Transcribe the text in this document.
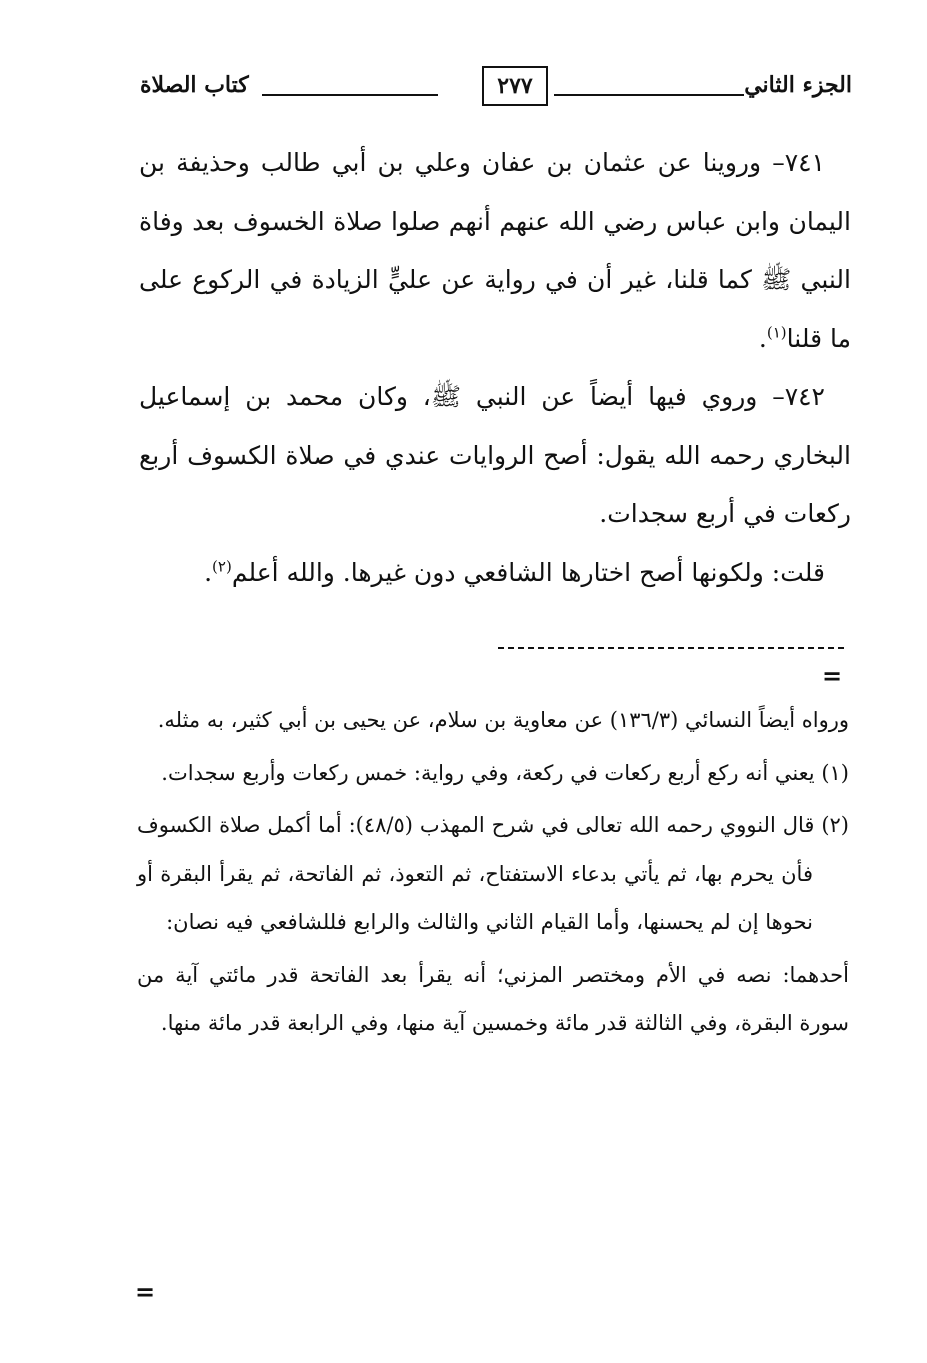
الجزء الثاني
٢٧٧
كتاب الصلاة
٧٤١– وروينا عن عثمان بن عفان وعلي بن أبي طالب وحذيفة بن اليمان وابن عباس رضي الله عنهم أنهم صلوا صلاة الخسوف بعد وفاة النبي ﷺ كما قلنا، غير أن في رواية عن عليٍّ الزيادة في الركوع على ما قلنا$^{(١)}$.
٧٤٢– وروي فيها أيضاً عن النبي ﷺ، وكان محمد بن إسماعيل البخاري رحمه الله يقول: أصح الروايات عندي في صلاة الكسوف أربع ركعات في أربع سجدات.
قلت: ولكونها أصح اختارها الشافعي دون غيرها. والله أعلم$^{(٢)}$.
=
ورواه أيضاً النسائي (١٣٦/٣) عن معاوية بن سلام، عن يحيى بن أبي كثير، به مثله.
(١) يعني أنه ركع أربع ركعات في ركعة، وفي رواية: خمس ركعات وأربع سجدات.
(٢) قال النووي رحمه الله تعالى في شرح المهذب (٤٨/٥): أما أكمل صلاة الكسوف فأن يحرم بها، ثم يأتي بدعاء الاستفتاح، ثم التعوذ، ثم الفاتحة، ثم يقرأ البقرة أو نحوها إن لم يحسنها، وأما القيام الثاني والثالث والرابع فللشافعي فيه نصان:
أحدهما: نصه في الأم ومختصر المزني؛ أنه يقرأ بعد الفاتحة قدر مائتي آية من سورة البقرة، وفي الثالثة قدر مائة وخمسين آية منها، وفي الرابعة قدر مائة منها.
=
